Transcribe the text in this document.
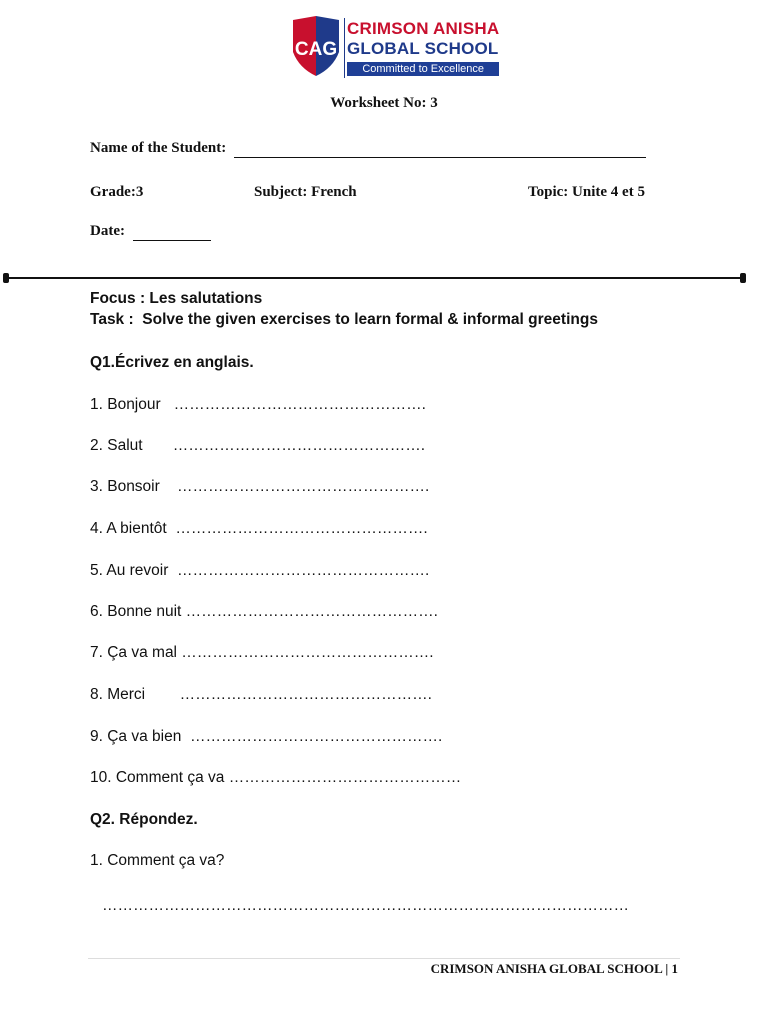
CAG
CRIMSON ANISHA
GLOBAL SCHOOL
Committed to Excellence
Worksheet No: 3
Name of the Student:
Grade:3	Subject: French	Topic: Unite 4 et 5
Date:
Focus : Les salutations
Task :  Solve the given exercises to learn formal & informal greetings
Q1.Écrivez en anglais.
1. Bonjour   ………………………………………….
2. Salut       ………………………………………….
3. Bonsoir    ………………………………………….
4. A bientôt  ………………………………………….
5. Au revoir  ………………………………………….
6. Bonne nuit ………………………………………….
7. Ça va mal ………………………………………….
8. Merci        ………………………………………….
9. Ça va bien  ………………………………………….
10. Comment ça va ………………………………………
Q2. Répondez.
1. Comment ça va?
…………………………………………………………………………………………
CRIMSON ANISHA GLOBAL SCHOOL | 1
